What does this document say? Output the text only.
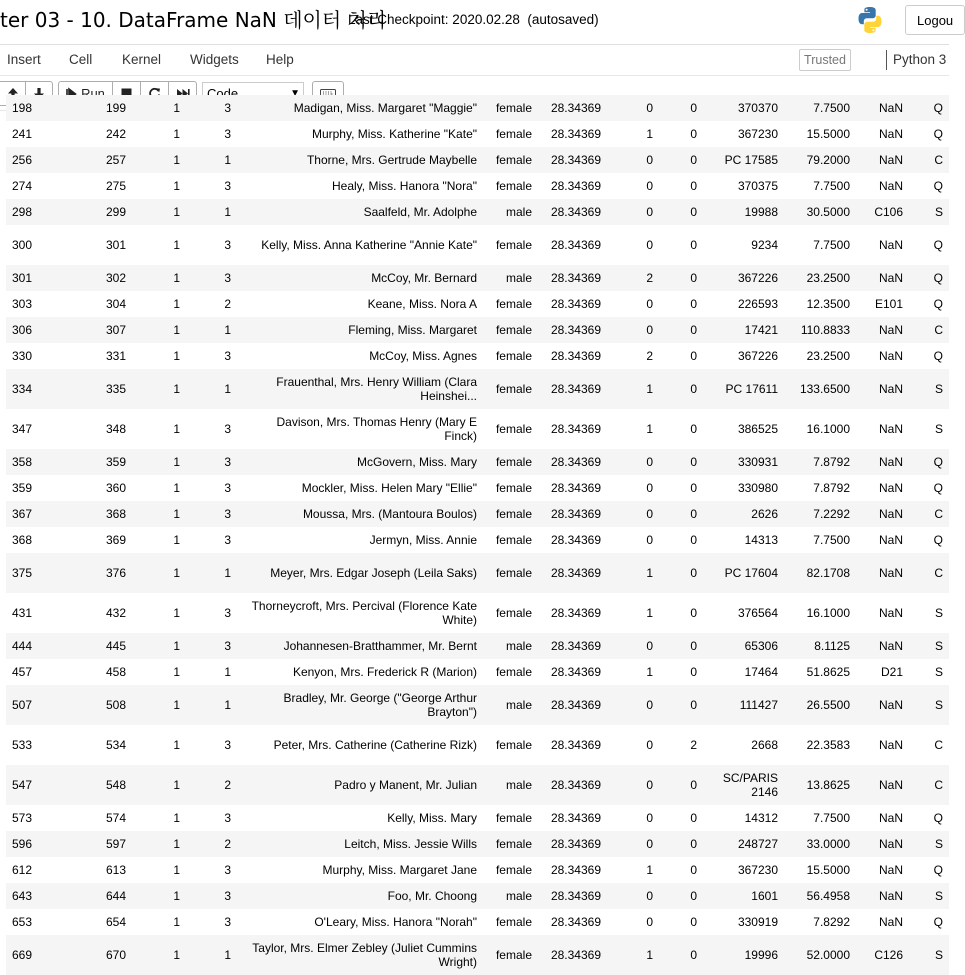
ter 03 - 10. DataFrame NaN 데이터 처리
Last Checkpoint: 2020.02.28 (autosaved)	Logou
Insert Cell Kernel Widgets Help	Trusted	Python 3
Run	Code	▼
198	199	1	3	Madigan, Miss. Margaret "Maggie"	female	28.34369	0	0	370370	7.7500	NaN	Q
241	242	1	3	Murphy, Miss. Katherine "Kate"	female	28.34369	1	0	367230	15.5000	NaN	Q
256	257	1	1	Thorne, Mrs. Gertrude Maybelle	female	28.34369	0	0	PC 17585	79.2000	NaN	C
274	275	1	3	Healy, Miss. Hanora "Nora"	female	28.34369	0	0	370375	7.7500	NaN	Q
298	299	1	1	Saalfeld, Mr. Adolphe	male	28.34369	0	0	19988	30.5000	C106	S
300	301	1	3	Kelly, Miss. Anna Katherine "Annie Kate"	female	28.34369	0	0	9234	7.7500	NaN	Q
301	302	1	3	McCoy, Mr. Bernard	male	28.34369	2	0	367226	23.2500	NaN	Q
303	304	1	2	Keane, Miss. Nora A	female	28.34369	0	0	226593	12.3500	E101	Q
306	307	1	1	Fleming, Miss. Margaret	female	28.34369	0	0	17421	110.8833	NaN	C
330	331	1	3	McCoy, Miss. Agnes	female	28.34369	2	0	367226	23.2500	NaN	Q
334	335	1	1	Frauenthal, Mrs. Henry William (Clara Heinshei...	female	28.34369	1	0	PC 17611	133.6500	NaN	S
347	348	1	3	Davison, Mrs. Thomas Henry (Mary E Finck)	female	28.34369	1	0	386525	16.1000	NaN	S
358	359	1	3	McGovern, Miss. Mary	female	28.34369	0	0	330931	7.8792	NaN	Q
359	360	1	3	Mockler, Miss. Helen Mary "Ellie"	female	28.34369	0	0	330980	7.8792	NaN	Q
367	368	1	3	Moussa, Mrs. (Mantoura Boulos)	female	28.34369	0	0	2626	7.2292	NaN	C
368	369	1	3	Jermyn, Miss. Annie	female	28.34369	0	0	14313	7.7500	NaN	Q
375	376	1	1	Meyer, Mrs. Edgar Joseph (Leila Saks)	female	28.34369	1	0	PC 17604	82.1708	NaN	C
431	432	1	3	Thorneycroft, Mrs. Percival (Florence Kate White)	female	28.34369	1	0	376564	16.1000	NaN	S
444	445	1	3	Johannesen-Bratthammer, Mr. Bernt	male	28.34369	0	0	65306	8.1125	NaN	S
457	458	1	1	Kenyon, Mrs. Frederick R (Marion)	female	28.34369	1	0	17464	51.8625	D21	S
507	508	1	1	Bradley, Mr. George ("George Arthur Brayton")	male	28.34369	0	0	111427	26.5500	NaN	S
533	534	1	3	Peter, Mrs. Catherine (Catherine Rizk)	female	28.34369	0	2	2668	22.3583	NaN	C
547	548	1	2	Padro y Manent, Mr. Julian	male	28.34369	0	0	SC/PARIS 2146	13.8625	NaN	C
573	574	1	3	Kelly, Miss. Mary	female	28.34369	0	0	14312	7.7500	NaN	Q
596	597	1	2	Leitch, Miss. Jessie Wills	female	28.34369	0	0	248727	33.0000	NaN	S
612	613	1	3	Murphy, Miss. Margaret Jane	female	28.34369	1	0	367230	15.5000	NaN	Q
643	644	1	3	Foo, Mr. Choong	male	28.34369	0	0	1601	56.4958	NaN	S
653	654	1	3	O'Leary, Miss. Hanora "Norah"	female	28.34369	0	0	330919	7.8292	NaN	Q
669	670	1	1	Taylor, Mrs. Elmer Zebley (Juliet Cummins Wright)	female	28.34369	1	0	19996	52.0000	C126	S
